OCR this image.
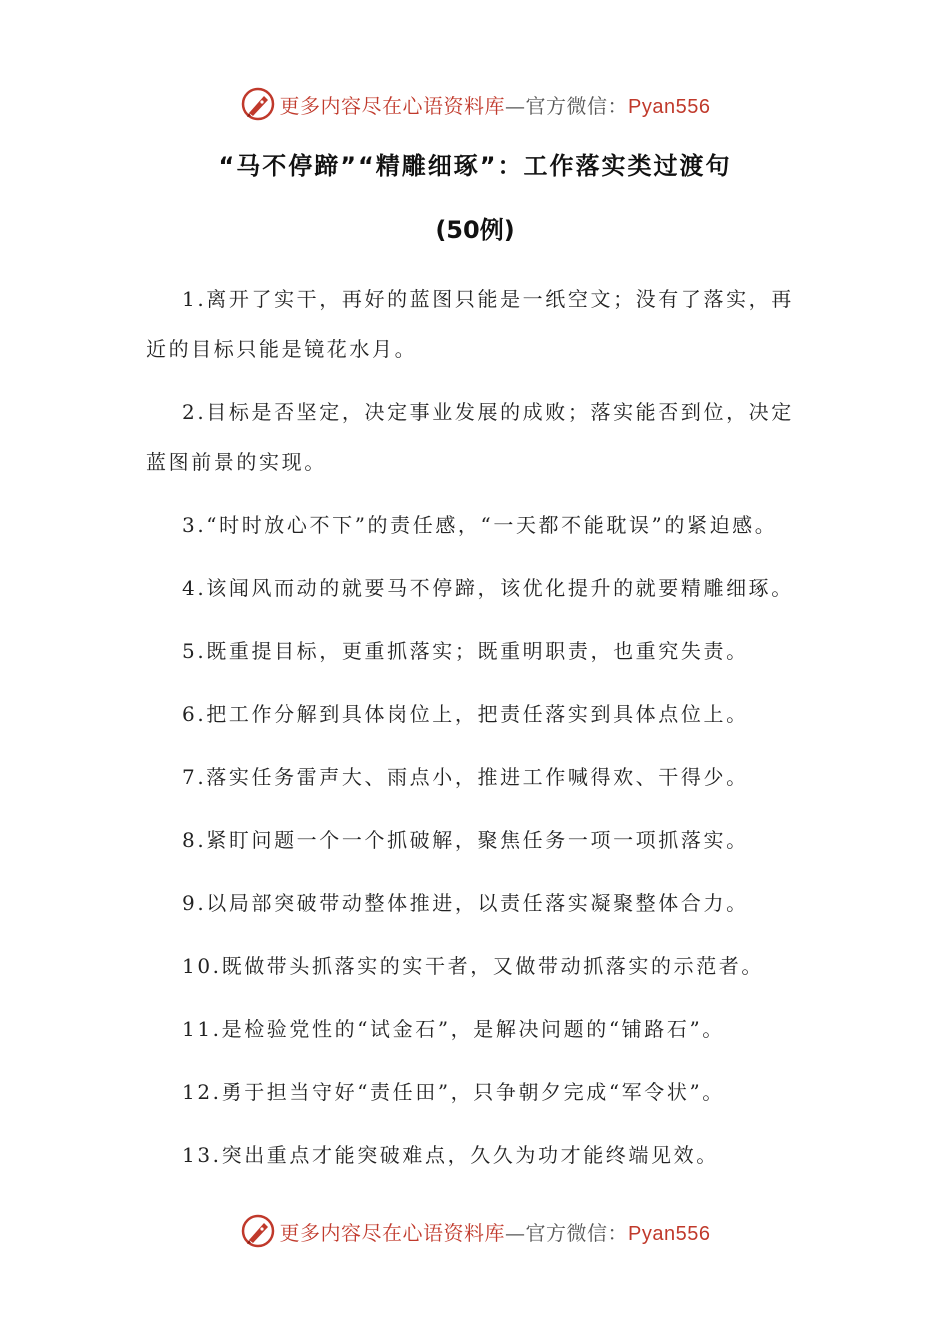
更多内容尽在心语资料库—官方微信：Pyan556
“马不停蹄”“精雕细琢”：工作落实类过渡句
(50例)

1.离开了实干，再好的蓝图只能是一纸空文；没有了落实，再近的目标只能是镜花水月。

2.目标是否坚定，决定事业发展的成败；落实能否到位，决定蓝图前景的实现。

3.“时时放心不下”的责任感，“一天都不能耽误”的紧迫感。

4.该闻风而动的就要马不停蹄，该优化提升的就要精雕细琢。

5.既重提目标，更重抓落实；既重明职责，也重究失责。

6.把工作分解到具体岗位上，把责任落实到具体点位上。

7.落实任务雷声大、雨点小，推进工作喊得欢、干得少。

8.紧盯问题一个一个抓破解，聚焦任务一项一项抓落实。

9.以局部突破带动整体推进，以责任落实凝聚整体合力。

10.既做带头抓落实的实干者，又做带动抓落实的示范者。

11.是检验党性的“试金石”，是解决问题的“铺路石”。

12.勇于担当守好“责任田”，只争朝夕完成“军令状”。

13.突出重点才能突破难点，久久为功才能终端见效。

更多内容尽在心语资料库—官方微信：Pyan556
